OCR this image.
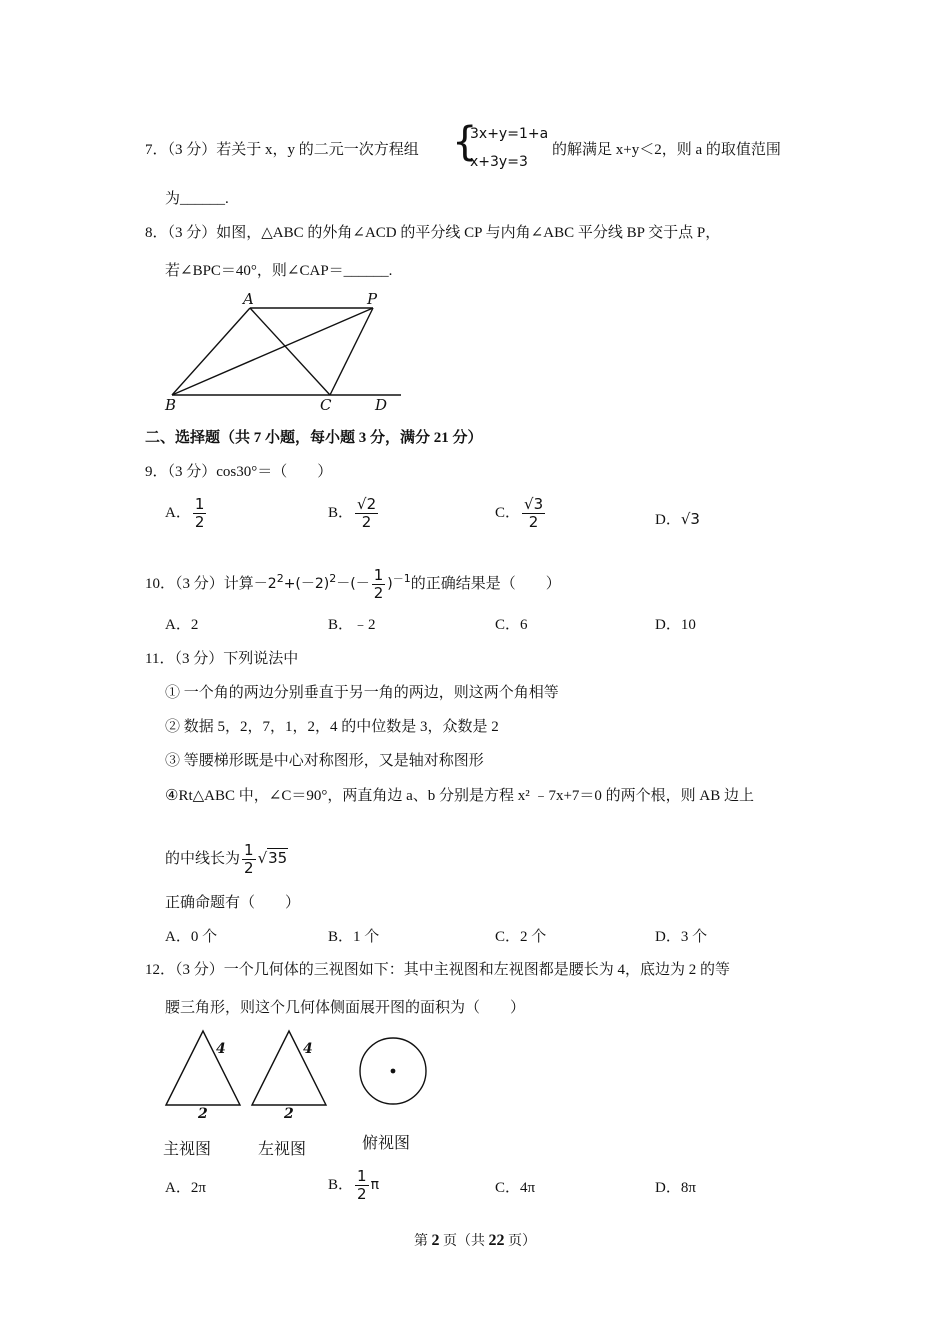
7．（3 分）若关于 x，y 的二元一次方程组 {
3x+y=1+a
x+3y=3
的解满足 x+y＜2，则 a 的取值范围
为______.
8．（3 分）如图，△ABC 的外角∠ACD 的平分线 CP 与内角∠ABC 平分线 BP 交于点 P，
若∠BPC＝40°，则∠CAP＝______.
A	P
B	C	D
二、选择题（共 7 小题，每小题 3 分，满分 21 分）
9．（3 分）cos30°＝（　　）
A． $\frac{1}{2}$	B． $\frac{√2}{2}$	C． $\frac{√3}{2}$	D．√3
10．（3 分）计算$-2^2+(-2)^2-(- \frac{1}{2} )^{-1}$的正确结果是（　　）
A．2	B．﹣2	C．6	D．10
11．（3 分）下列说法中
① 一个角的两边分别垂直于另一角的两边，则这两个角相等
② 数据 5，2，7，1，2，4 的中位数是 3，众数是 2
③ 等腰梯形既是中心对称图形，又是轴对称图形
④Rt△ABC 中，∠C＝90°，两直角边 a、b 分别是方程 x² ﹣7x+7＝0 的两个根，则 AB 边上
的中线长为 $\frac{1}{2} √35$
正确命题有（　　）
A．0 个	B．1 个	C．2 个	D．3 个
12．（3 分）一个几何体的三视图如下：其中主视图和左视图都是腰长为 4，底边为 2 的等
腰三角形，则这个几何体侧面展开图的面积为（　　）
4
2
4
2
主视图	左视图	俯视图
A．2π	B． $\frac{1}{2}$ π	C．4π	D．8π
第 2 页（共 22 页）
